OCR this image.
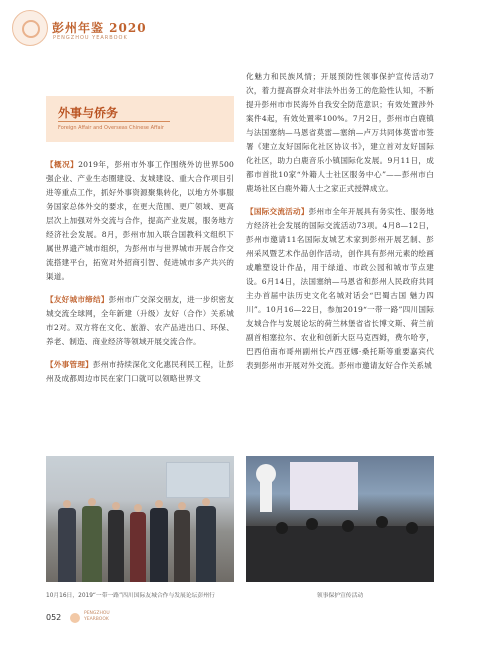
彭州年鉴 2020
PENGZHOU YEARBOOK
外事与侨务
Foreign Affair and Overseas Chinese Affair

【概况】2019年，彭州市外事工作围绕外访世界500强企业、产业生态圈建设、友城建设、重大合作项目引进等重点工作，抓好外事资源聚集转化，以地方外事服务国家总体外交的要求，在更大范围、更广领域、更高层次上加强对外交流与合作，提高产业发展，服务地方经济社会发展。8月，彭州市加入联合国教科文组织下属世界遗产城市组织，为彭州市与世界城市开展合作交流搭建平台，拓宽对外招商引智、促进城市多产共兴的渠道。

【友好城市缔结】彭州市广交深交朋友，进一步织密友城交流全球网，全年新建（升级）友好（合作）关系城市2对。双方将在文化、旅游、农产品进出口、环保、养老、制造、商业经济等领域开展交流合作。

【外事管理】彭州市持续深化文化惠民利民工程，让彭州及成都周边市民在家门口就可以领略世界文

化魅力和民族风情；开展预防性领事保护宣传活动7次，着力提高群众对非法外出务工的危险性认知，不断提升彭州市市民海外自我安全防范意识；有效处置涉外案件4起，有效处置率100%。7月2日，彭州市白鹿镇与法国塞纳—马恩省莫雷—塞纳—卢万共同体莫雷市签署《建立友好国际化社区协议书》，建立首对友好国际化社区，助力白鹿音乐小镇国际化发展。9月11日，成都市首批10家“外籍人士社区服务中心”——彭州市白鹿场社区白鹿外籍人士之家正式授牌成立。

【国际交流活动】彭州市全年开展具有务实性、服务地方经济社会发展的国际交流活动73项。4月8—12日，彭州市邀请11名国际友城艺术家到彭州开展艺制、彭州采风暨艺术作品创作活动，创作具有彭州元素的绘画或雕塑设计作品，用于绿道、市政公园和城市节点建设。6月14日，法国塞纳—马恩省和彭州人民政府共同主办首届中法历史文化名城对话会“巴蜀古国 魅力四川”。10月16—22日，参加2019“一带一路”四川国际友城合作与发展论坛的荷兰林堡省省长博文斯、荷兰前副首相塞拉尔、农业和创新大臣马克西姆，费尔哈亨，巴西伯南布哥州副州长卢西亚娜·桑托斯等重要嘉宾代表到彭州市开展对外交流。彭州市邀请友好合作关系城

10月16日，2019“一带一路”四川国际友城合作与发展论坛彭州行	领事保护宣传活动
052	PENGZHOU
YEARBOOK
